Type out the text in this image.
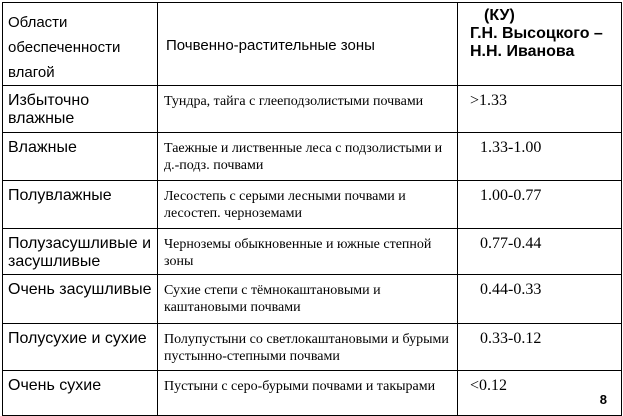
Области обеспеченности влагой	Почвенно-растительные зоны	(КУ)
Г.Н. Высоцкого –
Н.Н. Иванова

Избыточно влажные	Тундра, тайга с глееподзолистыми почвами	>1.33

Влажные	Таежные и лиственные леса с подзолистыми и д.-подз. почвами	1.33-1.00

Полувлажные	Лесостепь с серыми лесными почвами и лесостеп. черноземами	1.00-0.77

Полузасушливые и засушливые	Черноземы обыкновенные и южные степной зоны	0.77-0.44

Очень засушливые	Сухие степи с тёмнокаштановыми и каштановыми почвами	0.44-0.33

Полусухие и сухие	Полупустыни со светлокаштановыми и бурыми пустынно-степными почвами	0.33-0.12

Очень сухие	Пустыни с серо-бурыми почвами и такырами	<0.12
8
